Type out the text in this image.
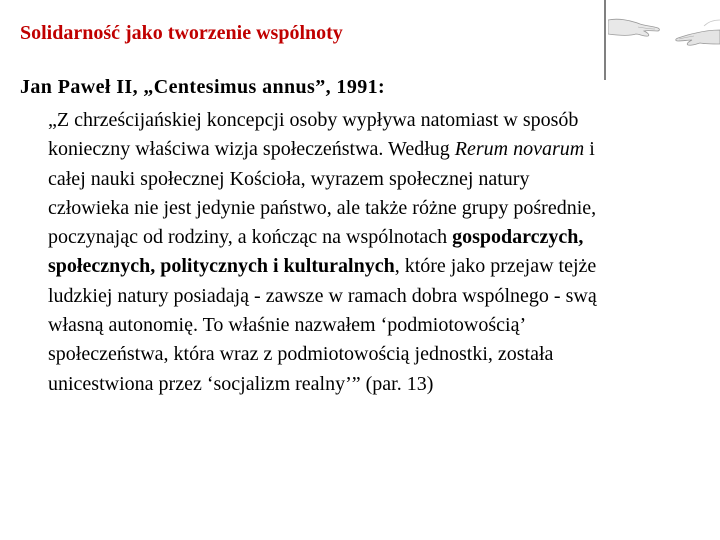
Solidarność jako tworzenie wspólnoty
Jan Paweł II, „Centesimus annus”, 1991:
„Z chrześcijańskiej koncepcji osoby wypływa natomiast w sposób
konieczny właściwa wizja społeczeństwa. Według Rerum novarum i
całej nauki społecznej Kościoła, wyrazem społecznej natury
człowieka nie jest jedynie państwo, ale także różne grupy pośrednie,
poczynając od rodziny, a kończąc na wspólnotach gospodarczych,
społecznych, politycznych i kulturalnych, które jako przejaw tejże
ludzkiej natury posiadają - zawsze w ramach dobra wspólnego - swą
własną autonomię. To właśnie nazwałem ‘podmiotowością’
społeczeństwa, która wraz z podmiotowością jednostki, została
unicestwiona przez ‘socjalizm realny’” (par. 13)
